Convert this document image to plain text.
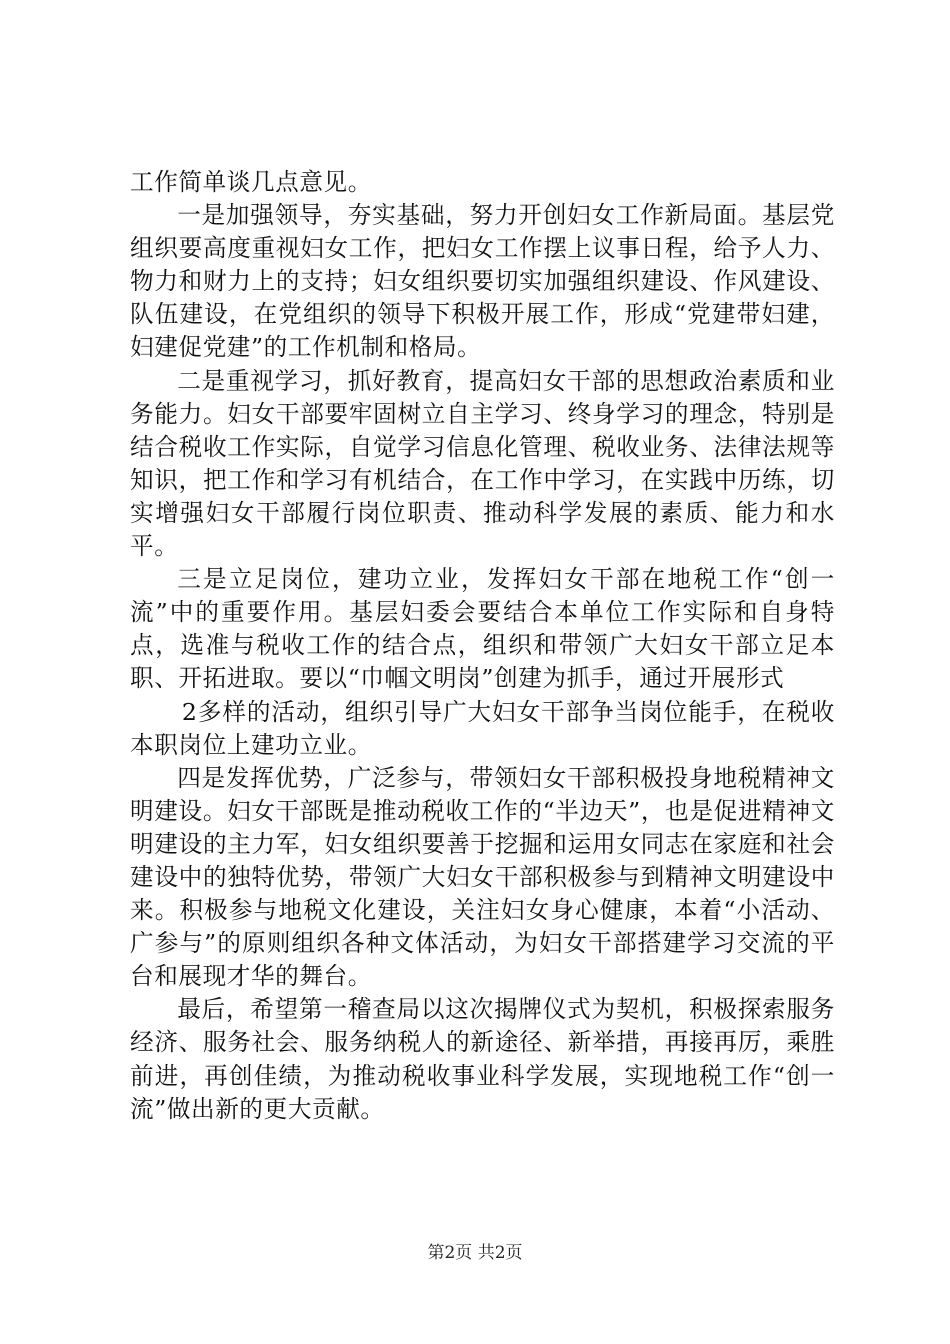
工作简单谈几点意见。

一是加强领导，夯实基础，努力开创妇女工作新局面。基层党组织要高度重视妇女工作，把妇女工作摆上议事日程，给予人力、物力和财力上的支持；妇女组织要切实加强组织建设、作风建设、队伍建设，在党组织的领导下积极开展工作，形成“党建带妇建，妇建促党建”的工作机制和格局。

二是重视学习，抓好教育，提高妇女干部的思想政治素质和业务能力。妇女干部要牢固树立自主学习、终身学习的理念，特别是结合税收工作实际，自觉学习信息化管理、税收业务、法律法规等知识，把工作和学习有机结合，在工作中学习，在实践中历练，切实增强妇女干部履行岗位职责、推动科学发展的素质、能力和水平。

三是立足岗位，建功立业，发挥妇女干部在地税工作“创一流”中的重要作用。基层妇委会要结合本单位工作实际和自身特点，选准与税收工作的结合点，组织和带领广大妇女干部立足本职、开拓进取。要以“巾帼文明岗”创建为抓手，通过开展形式

2多样的活动，组织引导广大妇女干部争当岗位能手，在税收本职岗位上建功立业。

四是发挥优势，广泛参与，带领妇女干部积极投身地税精神文明建设。妇女干部既是推动税收工作的“半边天”，也是促进精神文明建设的主力军，妇女组织要善于挖掘和运用女同志在家庭和社会建设中的独特优势，带领广大妇女干部积极参与到精神文明建设中来。积极参与地税文化建设，关注妇女身心健康，本着“小活动、广参与”的原则组织各种文体活动，为妇女干部搭建学习交流的平台和展现才华的舞台。

最后，希望第一稽查局以这次揭牌仪式为契机，积极探索服务经济、服务社会、服务纳税人的新途径、新举措，再接再厉，乘胜前进，再创佳绩，为推动税收事业科学发展，实现地税工作“创一流”做出新的更大贡献。

第2页 共2页
